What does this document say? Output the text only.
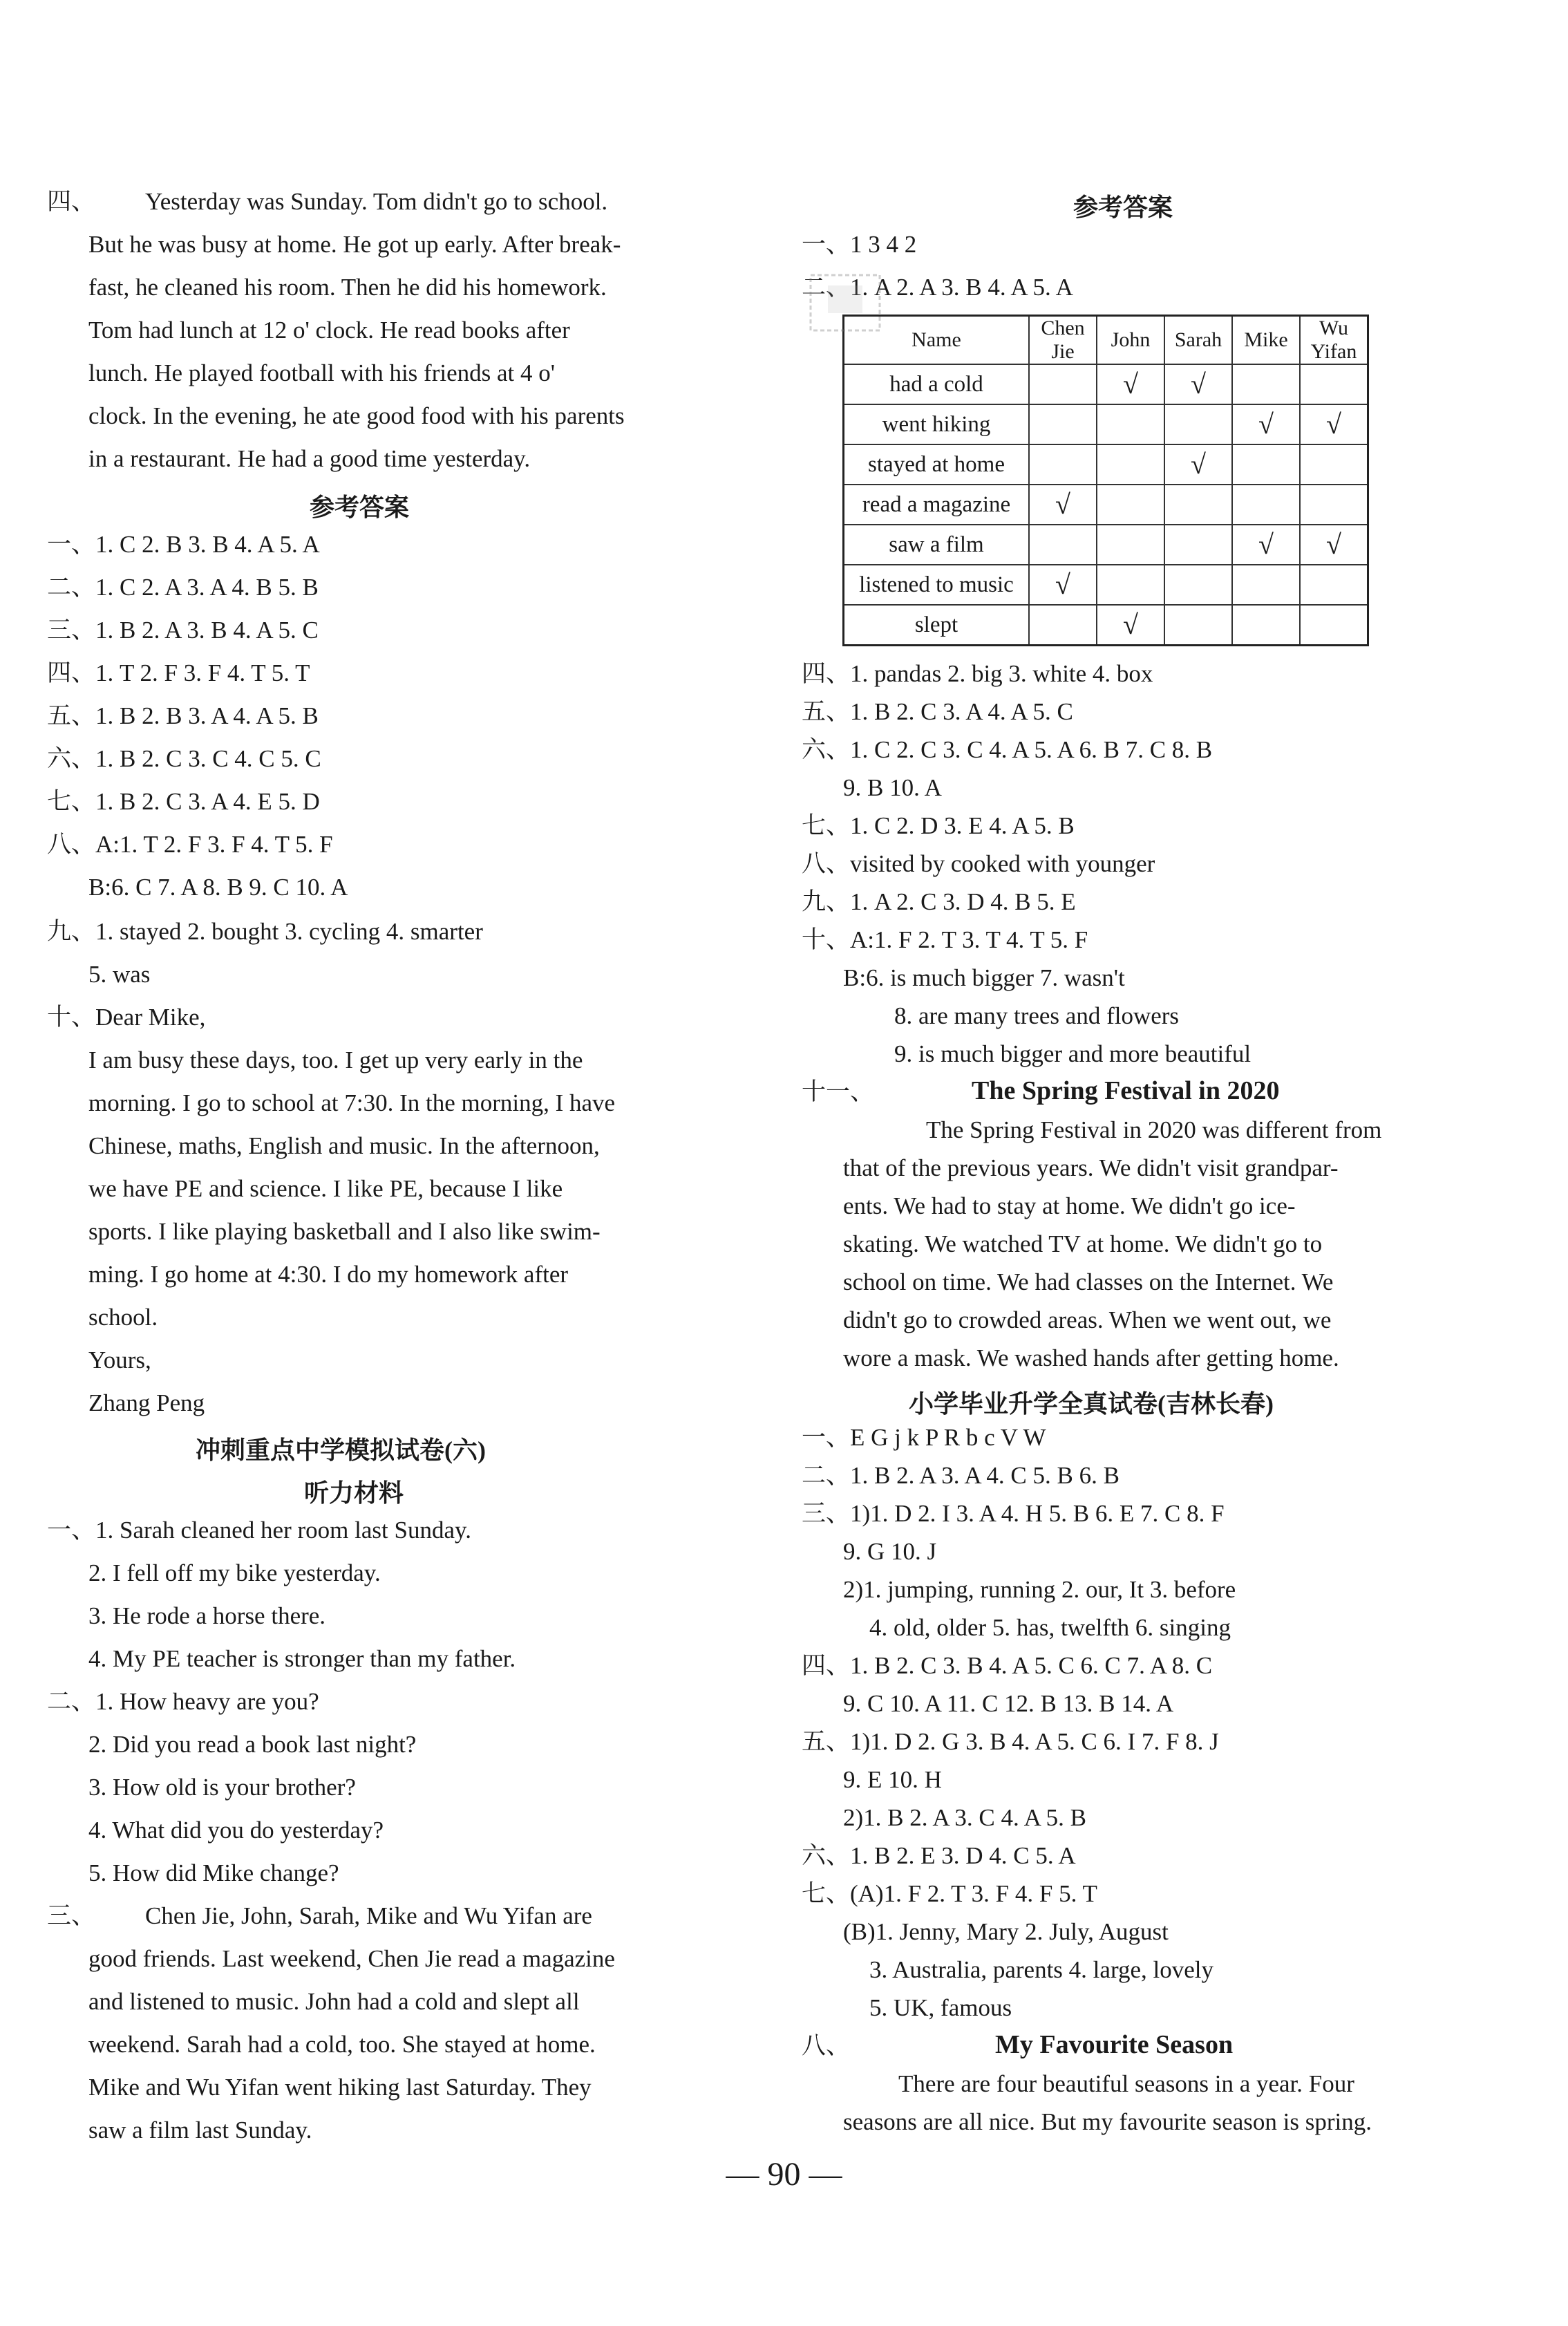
四、 Yesterday was Sunday. Tom didn't go to school.
But he was busy at home. He got up early. After break-
fast, he cleaned his room. Then he did his homework.
Tom had lunch at 12 o' clock. He read books after
lunch. He played football with his friends at 4 o'
clock. In the evening, he ate good food with his parents
in a restaurant. He had a good time yesterday.
参考答案
一、1. C 2. B 3. B 4. A 5. A
二、1. C 2. A 3. A 4. B 5. B
三、1. B 2. A 3. B 4. A 5. C
四、1. T 2. F 3. F 4. T 5. T
五、1. B 2. B 3. A 4. A 5. B
六、1. B 2. C 3. C 4. C 5. C
七、1. B 2. C 3. A 4. E 5. D
八、A:1. T 2. F 3. F 4. T 5. F
B:6. C 7. A 8. B 9. C 10. A
九、1. stayed 2. bought 3. cycling 4. smarter
5. was
十、Dear Mike,
I am busy these days, too. I get up very early in the
morning. I go to school at 7:30. In the morning, I have
Chinese, maths, English and music. In the afternoon,
we have PE and science. I like PE, because I like
sports. I like playing basketball and I also like swim-
ming. I go home at 4:30. I do my homework after
school.
Yours,
Zhang Peng
冲刺重点中学模拟试卷(六)
听力材料
一、1. Sarah cleaned her room last Sunday.
2. I fell off my bike yesterday.
3. He rode a horse there.
4. My PE teacher is stronger than my father.
二、1. How heavy are you?
2. Did you read a book last night?
3. How old is your brother?
4. What did you do yesterday?
5. How did Mike change?
三、 Chen Jie, John, Sarah, Mike and Wu Yifan are
good friends. Last weekend, Chen Jie read a magazine
and listened to music. John had a cold and slept all
weekend. Sarah had a cold, too. She stayed at home.
Mike and Wu Yifan went hiking last Saturday. They
saw a film last Sunday.
参考答案
一、1 3 4 2
二、1. A 2. A 3. B 4. A 5. A
Name	Chen Jie	John	Sarah	Mike	Wu Yifan
had a cold		√	√		
went hiking				√	√
stayed at home			√		
read a magazine	√				
saw a film				√	√
listened to music	√				
slept		√			
四、1. pandas 2. big 3. white 4. box
五、1. B 2. C 3. A 4. A 5. C
六、1. C 2. C 3. C 4. A 5. A 6. B 7. C 8. B
9. B 10. A
七、1. C 2. D 3. E 4. A 5. B
八、visited by cooked with younger
九、1. A 2. C 3. D 4. B 5. E
十、A:1. F 2. T 3. T 4. T 5. F
B:6. is much bigger 7. wasn't
8. are many trees and flowers
9. is much bigger and more beautiful
十一、	The Spring Festival in 2020
The Spring Festival in 2020 was different from
that of the previous years. We didn't visit grandpar-
ents. We had to stay at home. We didn't go ice-
skating. We watched TV at home. We didn't go to
school on time. We had classes on the Internet. We
didn't go to crowded areas. When we went out, we
wore a mask. We washed hands after getting home.
小学毕业升学全真试卷(吉林长春)
一、E G j k P R b c V W
二、1. B 2. A 3. A 4. C 5. B 6. B
三、1)1. D 2. I 3. A 4. H 5. B 6. E 7. C 8. F
9. G 10. J
2)1. jumping, running 2. our, It 3. before
4. old, older 5. has, twelfth 6. singing
四、1. B 2. C 3. B 4. A 5. C 6. C 7. A 8. C
9. C 10. A 11. C 12. B 13. B 14. A
五、1)1. D 2. G 3. B 4. A 5. C 6. I 7. F 8. J
9. E 10. H
2)1. B 2. A 3. C 4. A 5. B
六、1. B 2. E 3. D 4. C 5. A
七、(A)1. F 2. T 3. F 4. F 5. T
(B)1. Jenny, Mary 2. July, August
3. Australia, parents 4. large, lovely
5. UK, famous
八、	My Favourite Season
There are four beautiful seasons in a year. Four
seasons are all nice. But my favourite season is spring.
— 90 —
